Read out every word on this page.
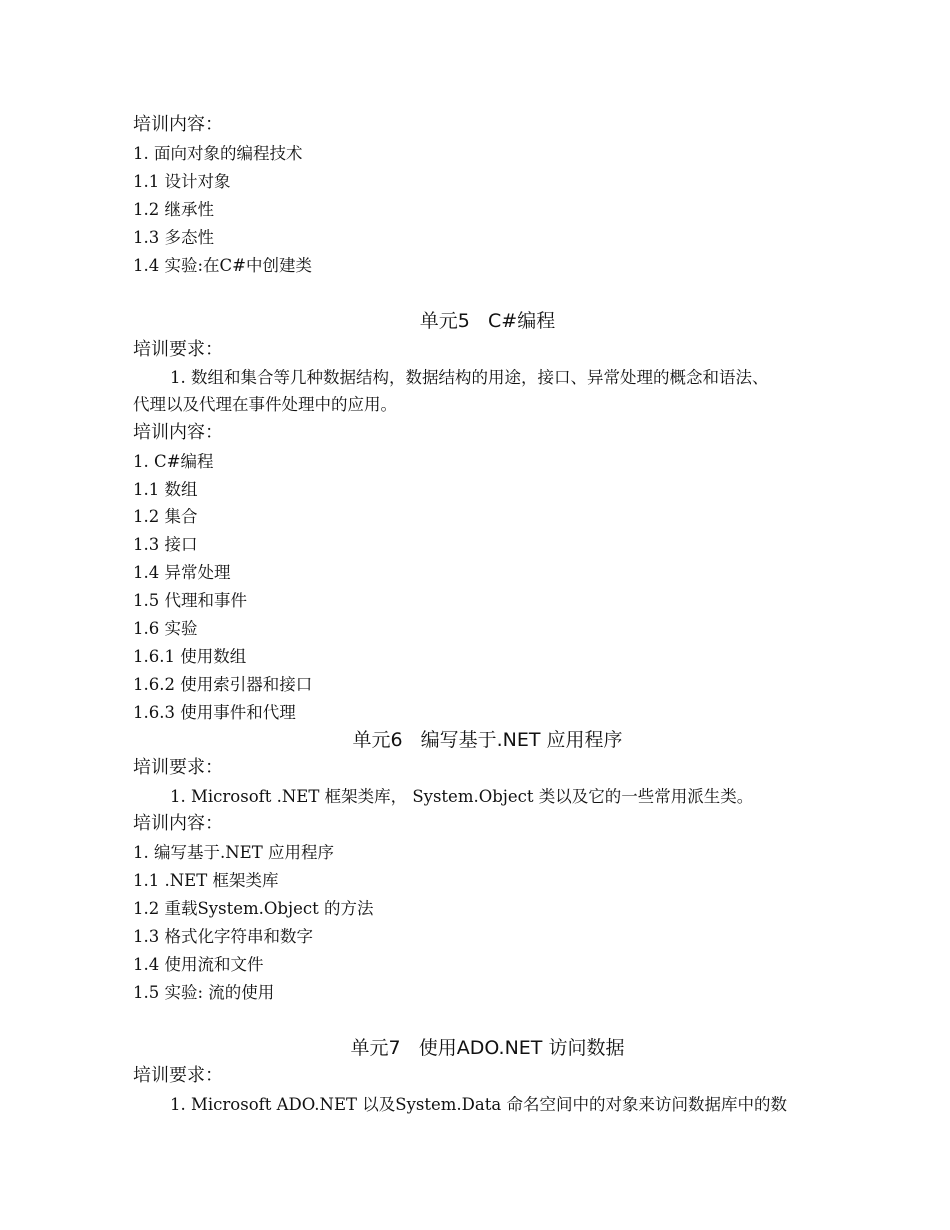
培训内容：
1. 面向对象的编程技术
1.1 设计对象
1.2 继承性
1.3 多态性
1.4 实验:在C#中创建类
单元5   C#编程
培训要求：
1. 数组和集合等几种数据结构，数据结构的用途，接口、异常处理的概念和语法、
代理以及代理在事件处理中的应用。
培训内容：
1. C#编程
1.1 数组
1.2 集合
1.3 接口
1.4 异常处理
1.5 代理和事件
1.6 实验
1.6.1 使用数组
1.6.2 使用索引器和接口
1.6.3 使用事件和代理
单元6   编写基于.NET 应用程序
培训要求：
1. Microsoft .NET 框架类库， System.Object 类以及它的一些常用派生类。
培训内容：
1. 编写基于.NET 应用程序
1.1 .NET 框架类库
1.2 重载System.Object 的方法
1.3 格式化字符串和数字
1.4 使用流和文件
1.5 实验: 流的使用
单元7   使用ADO.NET 访问数据
培训要求：
1. Microsoft ADO.NET 以及System.Data 命名空间中的对象来访问数据库中的数
